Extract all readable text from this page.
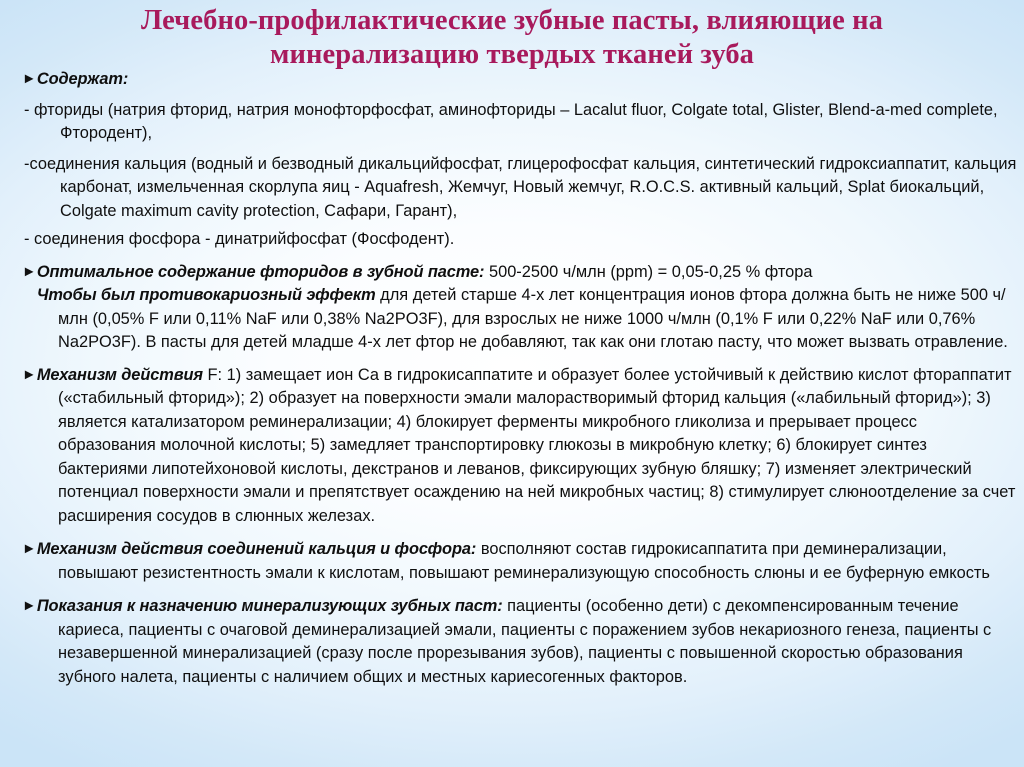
Лечебно-профилактические зубные пасты, влияющие на минерализацию твердых тканей зуба

►Содержат:

- фториды (натрия фторид, натрия монофторфосфат, аминофториды – Lacalut fluor, Colgate total, Glister, Blend-a-med complete, Фтородент),

-соединения кальция (водный и безводный дикальцийфосфат, глицерофосфат кальция, синтетический гидроксиаппатит, кальция карбонат, измельченная скорлупа яиц - Aquafresh, Жемчуг, Новый жемчуг, R.O.C.S. активный кальций, Splat биокальций, Colgate maximum cavity protection, Сафари, Гарант),

- соединения фосфора - динатрийфосфат (Фосфодент).

►Оптимальное содержание фторидов в зубной пасте: 500-2500 ч/млн (ppm) = 0,05-0,25 % фтора

Чтобы был противокариозный эффект для детей старше 4-х лет концентрация ионов фтора должна быть не ниже 500 ч/млн (0,05% F или 0,11% NaF или 0,38% Na2PO3F), для взрослых не ниже 1000 ч/млн (0,1% F или 0,22% NaF или 0,76% Na2PO3F). В пасты для детей младше 4-х лет фтор не добавляют, так как они глотаю пасту, что может вызвать отравление.

►Механизм действия F: 1) замещает ион Са в гидрокисаппатите и образует более устойчивый к действию кислот фтораппатит («стабильный фторид»); 2) образует на поверхности эмали малорастворимый фторид кальция («лабильный фторид»); 3) является катализатором реминерализации; 4) блокирует ферменты микробного гликолиза и прерывает процесс образования молочной кислоты; 5) замедляет транспортировку глюкозы в микробную клетку; 6) блокирует синтез бактериями липотейхоновой кислоты, декстранов и леванов, фиксирующих зубную бляшку; 7) изменяет электрический потенциал поверхности эмали и препятствует осаждению на ней микробных частиц; 8) стимулирует слюноотделение за счет расширения сосудов в слюнных железах.

►Механизм действия соединений кальция и фосфора: восполняют состав гидрокисаппатита при деминерализации, повышают резистентность эмали к кислотам, повышают реминерализующую способность слюны и ее буферную емкость

►Показания к назначению минерализующих зубных паст: пациенты (особенно дети) с декомпенсированным течение кариеса, пациенты с очаговой деминерализацией эмали, пациенты с поражением зубов некариозного генеза, пациенты с незавершенной минерализацией (сразу после прорезывания зубов), пациенты с повышенной скоростью образования зубного налета, пациенты с наличием общих и местных кариесогенных факторов.
